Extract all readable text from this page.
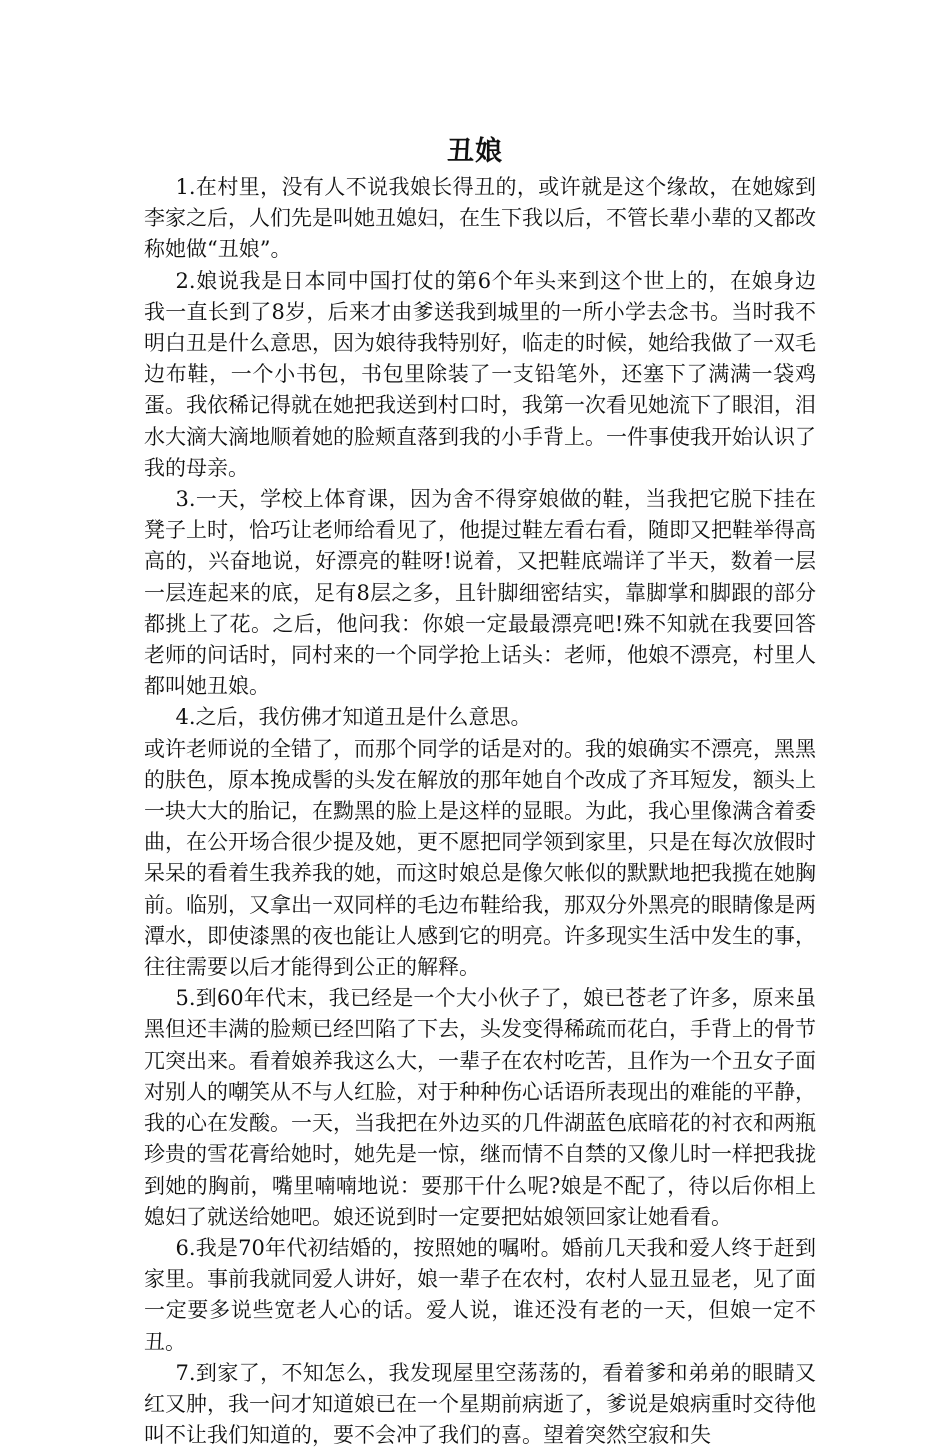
丑娘

1.在村里，没有人不说我娘长得丑的，或许就是这个缘故，在她嫁到李家之后，人们先是叫她丑媳妇，在生下我以后，不管长辈小辈的又都改称她做“丑娘”。

2.娘说我是日本同中国打仗的第6个年头来到这个世上的，在娘身边我一直长到了8岁，后来才由爹送我到城里的一所小学去念书。当时我不明白丑是什么意思，因为娘待我特别好，临走的时候，她给我做了一双毛边布鞋，一个小书包，书包里除装了一支铅笔外，还塞下了满满一袋鸡蛋。我依稀记得就在她把我送到村口时，我第一次看见她流下了眼泪，泪水大滴大滴地顺着她的脸颊直落到我的小手背上。一件事使我开始认识了我的母亲。

3.一天，学校上体育课，因为舍不得穿娘做的鞋，当我把它脱下挂在凳子上时，恰巧让老师给看见了，他提过鞋左看右看，随即又把鞋举得高高的，兴奋地说，好漂亮的鞋呀!说着，又把鞋底端详了半天，数着一层一层连起来的底，足有8层之多，且针脚细密结实，靠脚掌和脚跟的部分都挑上了花。之后，他问我：你娘一定最最漂亮吧!殊不知就在我要回答老师的问话时，同村来的一个同学抢上话头：老师，他娘不漂亮，村里人都叫她丑娘。

4.之后，我仿佛才知道丑是什么意思。

或许老师说的全错了，而那个同学的话是对的。我的娘确实不漂亮，黑黑的肤色，原本挽成髻的头发在解放的那年她自个改成了齐耳短发，额头上一块大大的胎记，在黝黑的脸上是这样的显眼。为此，我心里像满含着委曲，在公开场合很少提及她，更不愿把同学领到家里，只是在每次放假时呆呆的看着生我养我的她，而这时娘总是像欠帐似的默默地把我揽在她胸前。临别，又拿出一双同样的毛边布鞋给我，那双分外黑亮的眼睛像是两潭水，即使漆黑的夜也能让人感到它的明亮。许多现实生活中发生的事，往往需要以后才能得到公正的解释。

5.到60年代末，我已经是一个大小伙子了，娘已苍老了许多，原来虽黑但还丰满的脸颊已经凹陷了下去，头发变得稀疏而花白，手背上的骨节兀突出来。看着娘养我这么大，一辈子在农村吃苦，且作为一个丑女子面对别人的嘲笑从不与人红脸，对于种种伤心话语所表现出的难能的平静，我的心在发酸。一天，当我把在外边买的几件湖蓝色底暗花的衬衣和两瓶珍贵的雪花膏给她时，她先是一惊，继而情不自禁的又像儿时一样把我拢到她的胸前，嘴里喃喃地说：要那干什么呢?娘是不配了，待以后你相上媳妇了就送给她吧。娘还说到时一定要把姑娘领回家让她看看。

6.我是70年代初结婚的，按照她的嘱咐。婚前几天我和爱人终于赶到家里。事前我就同爱人讲好，娘一辈子在农村，农村人显丑显老，见了面一定要多说些宽老人心的话。爱人说，谁还没有老的一天，但娘一定不丑。

7.到家了，不知怎么，我发现屋里空荡荡的，看着爹和弟弟的眼睛又红又肿，我一问才知道娘已在一个星期前病逝了，爹说是娘病重时交待他叫不让我们知道的，要不会冲了我们的喜。望着突然空寂和失
